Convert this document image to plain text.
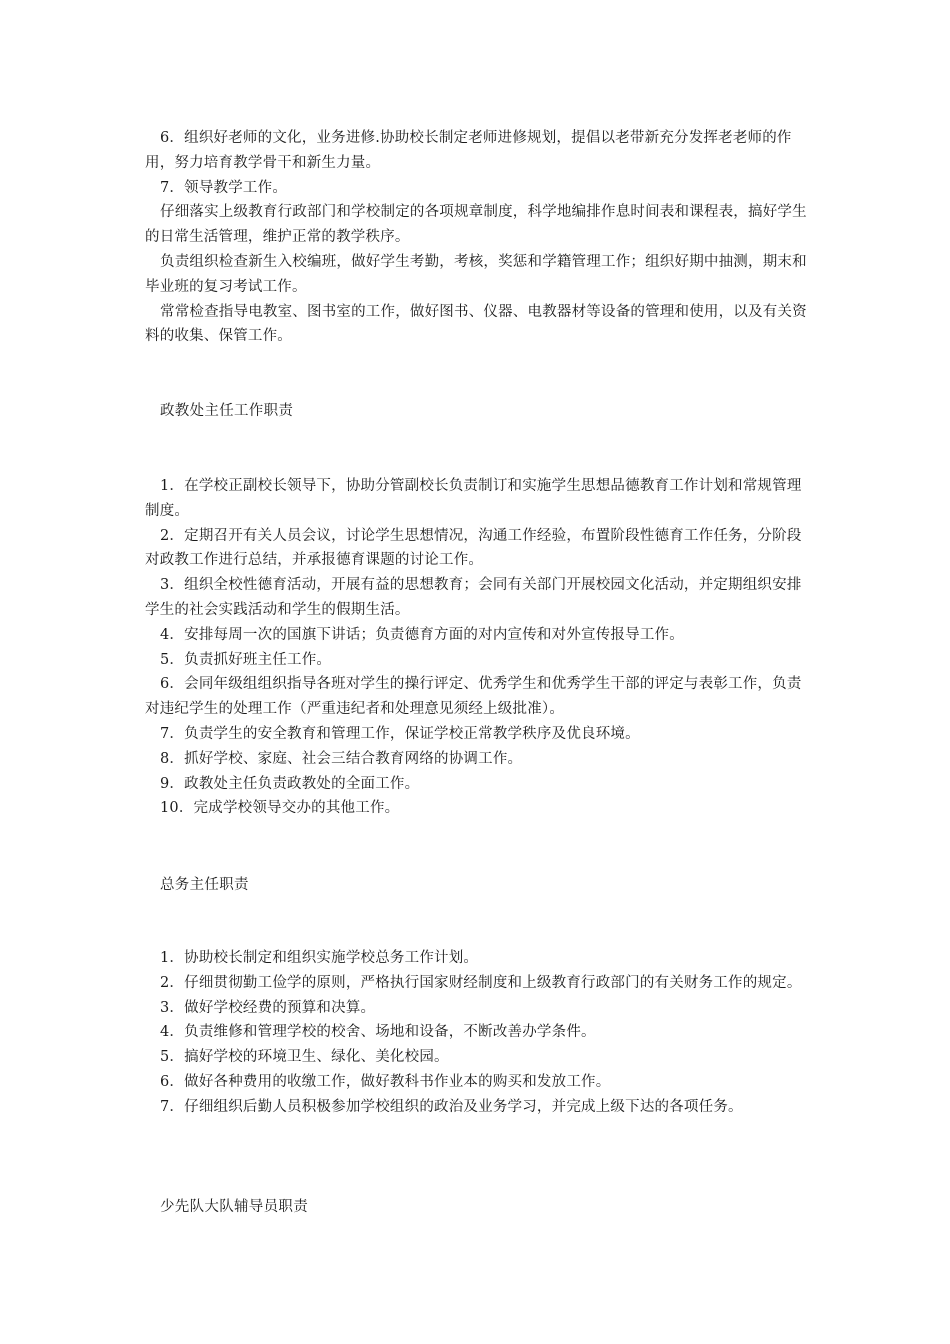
6．组织好老师的文化，业务进修.协助校长制定老师进修规划，提倡以老带新充分发挥老老师的作用，努力培育教学骨干和新生力量。

7．领导教学工作。

仔细落实上级教育行政部门和学校制定的各项规章制度，科学地编排作息时间表和课程表，搞好学生的日常生活管理，维护正常的教学秩序。

负责组织检查新生入校编班，做好学生考勤，考核，奖惩和学籍管理工作；组织好期中抽测，期末和毕业班的复习考试工作。

常常检查指导电教室、图书室的工作，做好图书、仪器、电教器材等设备的管理和使用，以及有关资料的收集、保管工作。

政教处主任工作职责

1．在学校正副校长领导下，协助分管副校长负责制订和实施学生思想品德教育工作计划和常规管理制度。

2．定期召开有关人员会议，讨论学生思想情况，沟通工作经验，布置阶段性德育工作任务，分阶段对政教工作进行总结，并承报德育课题的讨论工作。

3．组织全校性德育活动，开展有益的思想教育；会同有关部门开展校园文化活动，并定期组织安排学生的社会实践活动和学生的假期生活。

4．安排每周一次的国旗下讲话；负责德育方面的对内宣传和对外宣传报导工作。

5．负责抓好班主任工作。

6．会同年级组组织指导各班对学生的操行评定、优秀学生和优秀学生干部的评定与表彰工作，负责对违纪学生的处理工作（严重违纪者和处理意见须经上级批准）。

7．负责学生的安全教育和管理工作，保证学校正常教学秩序及优良环境。

8．抓好学校、家庭、社会三结合教育网络的协调工作。

9．政教处主任负责政教处的全面工作。

10．完成学校领导交办的其他工作。

总务主任职责

1．协助校长制定和组织实施学校总务工作计划。

2．仔细贯彻勤工俭学的原则，严格执行国家财经制度和上级教育行政部门的有关财务工作的规定。

3．做好学校经费的预算和决算。

4．负责维修和管理学校的校舍、场地和设备，不断改善办学条件。

5．搞好学校的环境卫生、绿化、美化校园。

6．做好各种费用的收缴工作，做好教科书作业本的购买和发放工作。

7．仔细组织后勤人员积极参加学校组织的政治及业务学习，并完成上级下达的各项任务。

少先队大队辅导员职责
